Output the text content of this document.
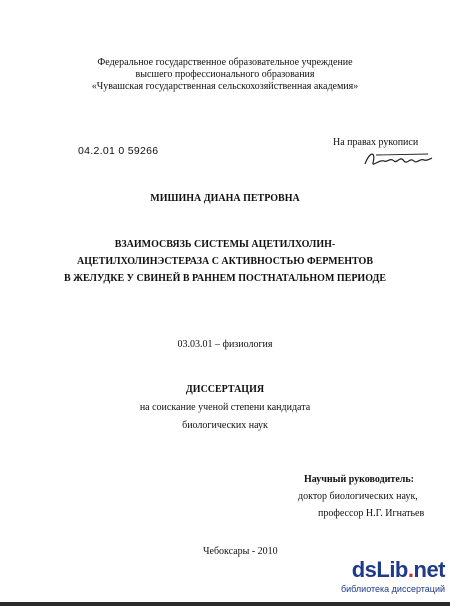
Федеральное государственное образовательное учреждение
высшего профессионального образования
«Чувашская государственная сельскохозяйственная академия»
На правах рукописи
04.2.01 0 59266
МИШИНА ДИАНА ПЕТРОВНА
ВЗАИМОСВЯЗЬ СИСТЕМЫ АЦЕТИЛХОЛИН-
АЦЕТИЛХОЛИНЭСТЕРАЗА С АКТИВНОСТЬЮ ФЕРМЕНТОВ
В ЖЕЛУДКЕ У СВИНЕЙ В РАННЕМ ПОСТНАТАЛЬНОМ ПЕРИОДЕ
03.03.01 – физиология
ДИССЕРТАЦИЯ
на соискание ученой степени кандидата
биологических наук
Научный руководитель:
доктор биологических наук,
профессор Н.Г. Игнатьев
Чебоксары - 2010
dsLib.net
библиотека диссертаций
